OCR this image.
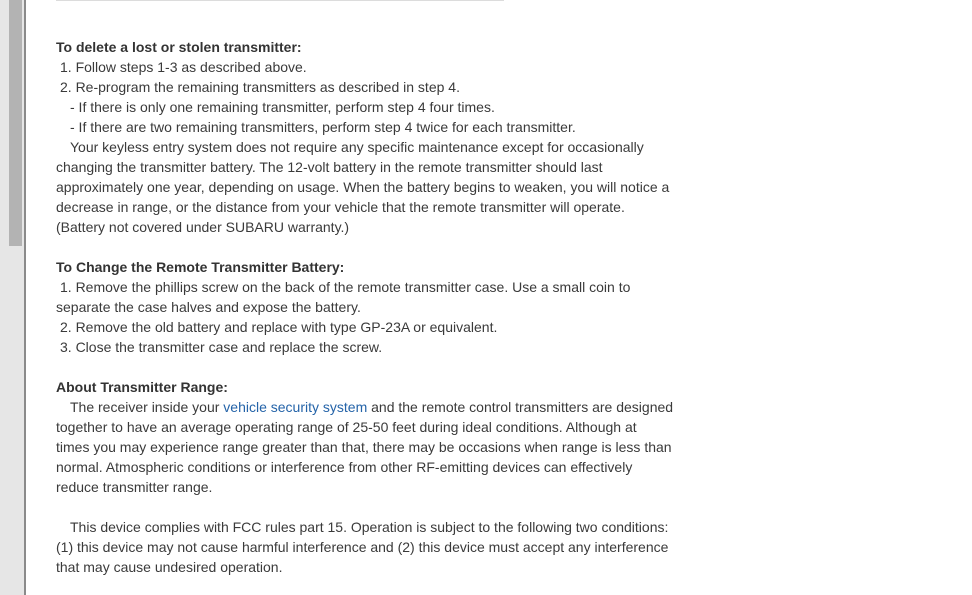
To delete a lost or stolen transmitter:

1. Follow steps 1-3 as described above.

2. Re-program the remaining transmitters as described in step 4.

- If there is only one remaining transmitter, perform step 4 four times.

- If there are two remaining transmitters, perform step 4 twice for each transmitter.

Your keyless entry system does not require any specific maintenance except for occasionally

changing the transmitter battery. The 12-volt battery in the remote transmitter should last

approximately one year, depending on usage. When the battery begins to weaken, you will notice a

decrease in range, or the distance from your vehicle that the remote transmitter will operate.

(Battery not covered under SUBARU warranty.)

To Change the Remote Transmitter Battery:

1. Remove the phillips screw on the back of the remote transmitter case. Use a small coin to

separate the case halves and expose the battery.

2. Remove the old battery and replace with type GP-23A or equivalent.

3. Close the transmitter case and replace the screw.

About Transmitter Range:

The receiver inside your vehicle security system and the remote control transmitters are designed

together to have an average operating range of 25-50 feet during ideal conditions. Although at

times you may experience range greater than that, there may be occasions when range is less than

normal. Atmospheric conditions or interference from other RF-emitting devices can effectively

reduce transmitter range.

This device complies with FCC rules part 15. Operation is subject to the following two conditions:

(1) this device may not cause harmful interference and (2) this device must accept any interference

that may cause undesired operation.
